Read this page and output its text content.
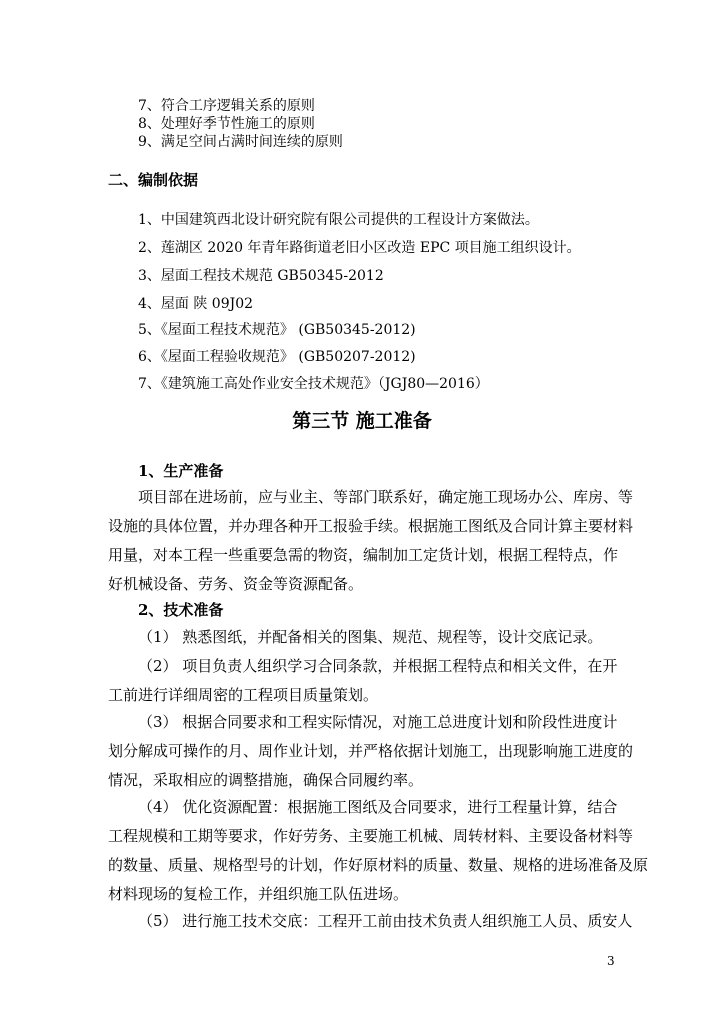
7、符合工序逻辑关系的原则
8、处理好季节性施工的原则
9、满足空间占满时间连续的原则
二、编制依据
1、中国建筑西北设计研究院有限公司提供的工程设计方案做法。
2、莲湖区 2020 年青年路街道老旧小区改造 EPC 项目施工组织设计。
3、屋面工程技术规范 GB50345-2012
4、屋面 陕 09J02
5、《屋面工程技术规范》 (GB50345-2012)
6、《屋面工程验收规范》 (GB50207-2012)
7、《建筑施工高处作业安全技术规范》（JGJ80—2016）
第三节 施工准备
1、生产准备
项目部在进场前，应与业主、等部门联系好，确定施工现场办公、库房、等
设施的具体位置，并办理各种开工报验手续。根据施工图纸及合同计算主要材料
用量，对本工程一些重要急需的物资，编制加工定货计划，根据工程特点，作
好机械设备、劳务、资金等资源配备。
2、技术准备
（1） 熟悉图纸，并配备相关的图集、规范、规程等，设计交底记录。
（2） 项目负责人组织学习合同条款，并根据工程特点和相关文件，在开
工前进行详细周密的工程项目质量策划。
（3） 根据合同要求和工程实际情况，对施工总进度计划和阶段性进度计
划分解成可操作的月、周作业计划，并严格依据计划施工，出现影响施工进度的
情况，采取相应的调整措施，确保合同履约率。
（4） 优化资源配置：根据施工图纸及合同要求，进行工程量计算，结合
工程规模和工期等要求，作好劳务、主要施工机械、周转材料、主要设备材料等
的数量、质量、规格型号的计划，作好原材料的质量、数量、规格的进场准备及原
材料现场的复检工作，并组织施工队伍进场。
（5） 进行施工技术交底：工程开工前由技术负责人组织施工人员、质安人
3
